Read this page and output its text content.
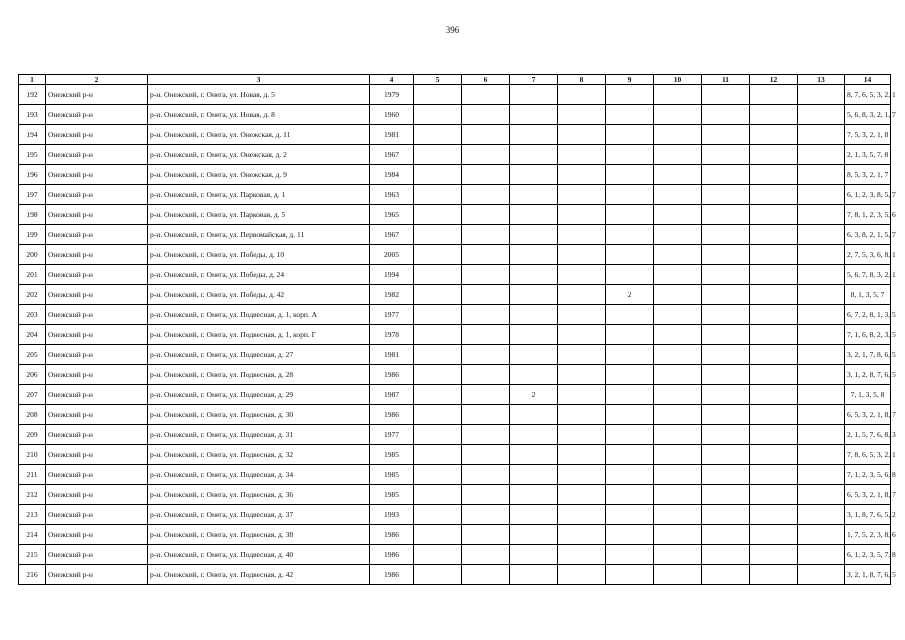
396
1	2	3	4	5	6	7	8	9	10	11	12	13	14
192	Онежский р-н	р-н. Онежский, г. Онега, ул. Новая, д. 5	1979										8, 7, 6, 5, 3, 2, 1
193	Онежский р-н	р-н. Онежский, г. Онега, ул. Новая, д. 8	1960										5, 6, 8, 3, 2, 1, 7
194	Онежский р-н	р-н. Онежский, г. Онега, ул. Онежская, д. 11	1981										7, 5, 3, 2, 1, 8
195	Онежский р-н	р-н. Онежский, г. Онега, ул. Онежская, д. 2	1967										2, 1, 3, 5, 7, 8
196	Онежский р-н	р-н. Онежский, г. Онега, ул. Онежская, д. 9	1984										8, 5, 3, 2, 1, 7
197	Онежский р-н	р-н. Онежский, г. Онега, ул. Парковая, д. 1	1963										6, 1, 2, 3, 8, 5, 7
198	Онежский р-н	р-н. Онежский, г. Онега, ул. Парковая, д. 5	1965										7, 8, 1, 2, 3, 5, 6
199	Онежский р-н	р-н. Онежский, г. Онега, ул. Первомайская, д. 11	1967										6, 3, 8, 2, 1, 5, 7
200	Онежский р-н	р-н. Онежский, г. Онега, ул. Победы, д. 10	2005										2, 7, 5, 3, 6, 8, 1
201	Онежский р-н	р-н. Онежский, г. Онега, ул. Победы, д. 24	1994										5, 6, 7, 8, 3, 2, 1
202	Онежский р-н	р-н. Онежский, г. Онега, ул. Победы, д. 42	1982					2					8, 1, 3, 5, 7
203	Онежский р-н	р-н. Онежский, г. Онега, ул. Подвесная, д. 1, корп. А	1977										6, 7, 2, 8, 1, 3, 5
204	Онежский р-н	р-н. Онежский, г. Онега, ул. Подвесная, д. 1, корп. Г	1978										7, 1, 6, 8, 2, 3, 5
205	Онежский р-н	р-н. Онежский, г. Онега, ул. Подвесная, д. 27	1981										3, 2, 1, 7, 8, 6, 5
206	Онежский р-н	р-н. Онежский, г. Онега, ул. Подвесная, д. 28	1986										3, 1, 2, 8, 7, 6, 5
207	Онежский р-н	р-н. Онежский, г. Онега, ул. Подвесная, д. 29	1987			2							7, 1, 3, 5, 8
208	Онежский р-н	р-н. Онежский, г. Онега, ул. Подвесная, д. 30	1986										6, 5, 3, 2, 1, 8, 7
209	Онежский р-н	р-н. Онежский, г. Онега, ул. Подвесная, д. 31	1977										2, 1, 5, 7, 6, 8, 3
210	Онежский р-н	р-н. Онежский, г. Онега, ул. Подвесная, д. 32	1985										7, 8, 6, 5, 3, 2, 1
211	Онежский р-н	р-н. Онежский, г. Онега, ул. Подвесная, д. 34	1985										7, 1, 2, 3, 5, 6, 8
212	Онежский р-н	р-н. Онежский, г. Онега, ул. Подвесная, д. 36	1985										6, 5, 3, 2, 1, 8, 7
213	Онежский р-н	р-н. Онежский, г. Онега, ул. Подвесная, д. 37	1993										3, 1, 8, 7, 6, 5, 2
214	Онежский р-н	р-н. Онежский, г. Онега, ул. Подвесная, д. 38	1986										1, 7, 5, 2, 3, 8, 6
215	Онежский р-н	р-н. Онежский, г. Онега, ул. Подвесная, д. 40	1986										6, 1, 2, 3, 5, 7, 8
216	Онежский р-н	р-н. Онежский, г. Онега, ул. Подвесная, д. 42	1986										3, 2, 1, 8, 7, 6, 5
